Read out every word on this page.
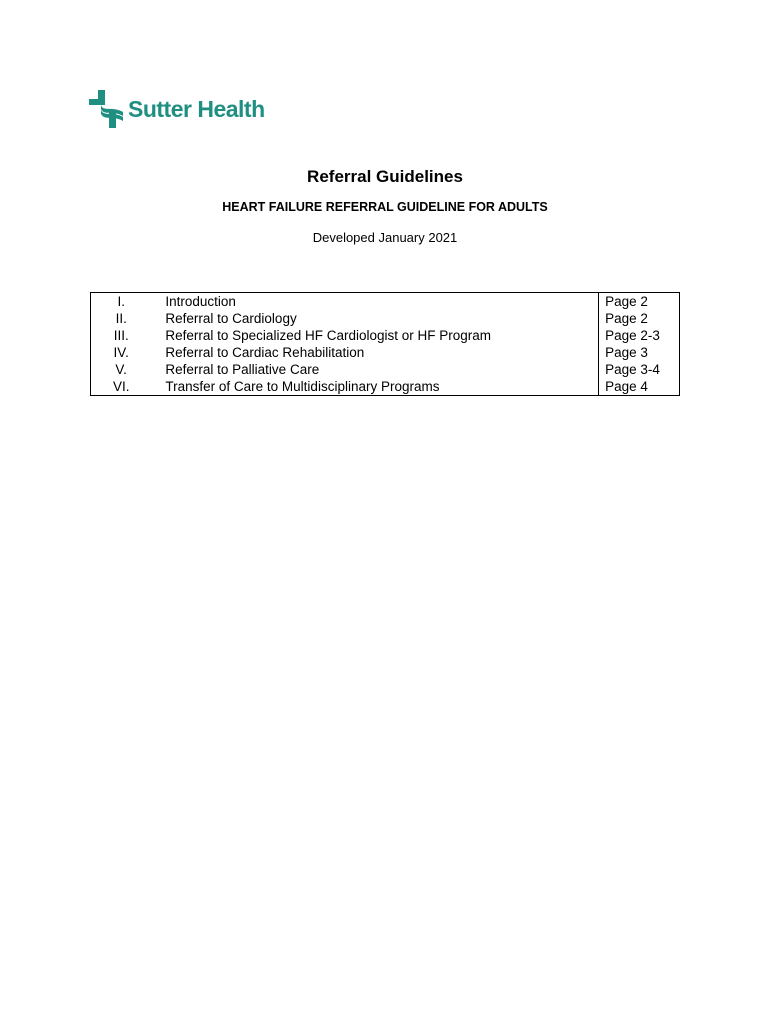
Sutter Health
Referral Guidelines
HEART FAILURE REFERRAL GUIDELINE FOR ADULTS
Developed January 2021
I.	Introduction	Page 2
II.	Referral to Cardiology	Page 2
III.	Referral to Specialized HF Cardiologist or HF Program	Page 2-3
IV.	Referral to Cardiac Rehabilitation	Page 3
V.	Referral to Palliative Care	Page 3-4
VI.	Transfer of Care to Multidisciplinary Programs	Page 4
